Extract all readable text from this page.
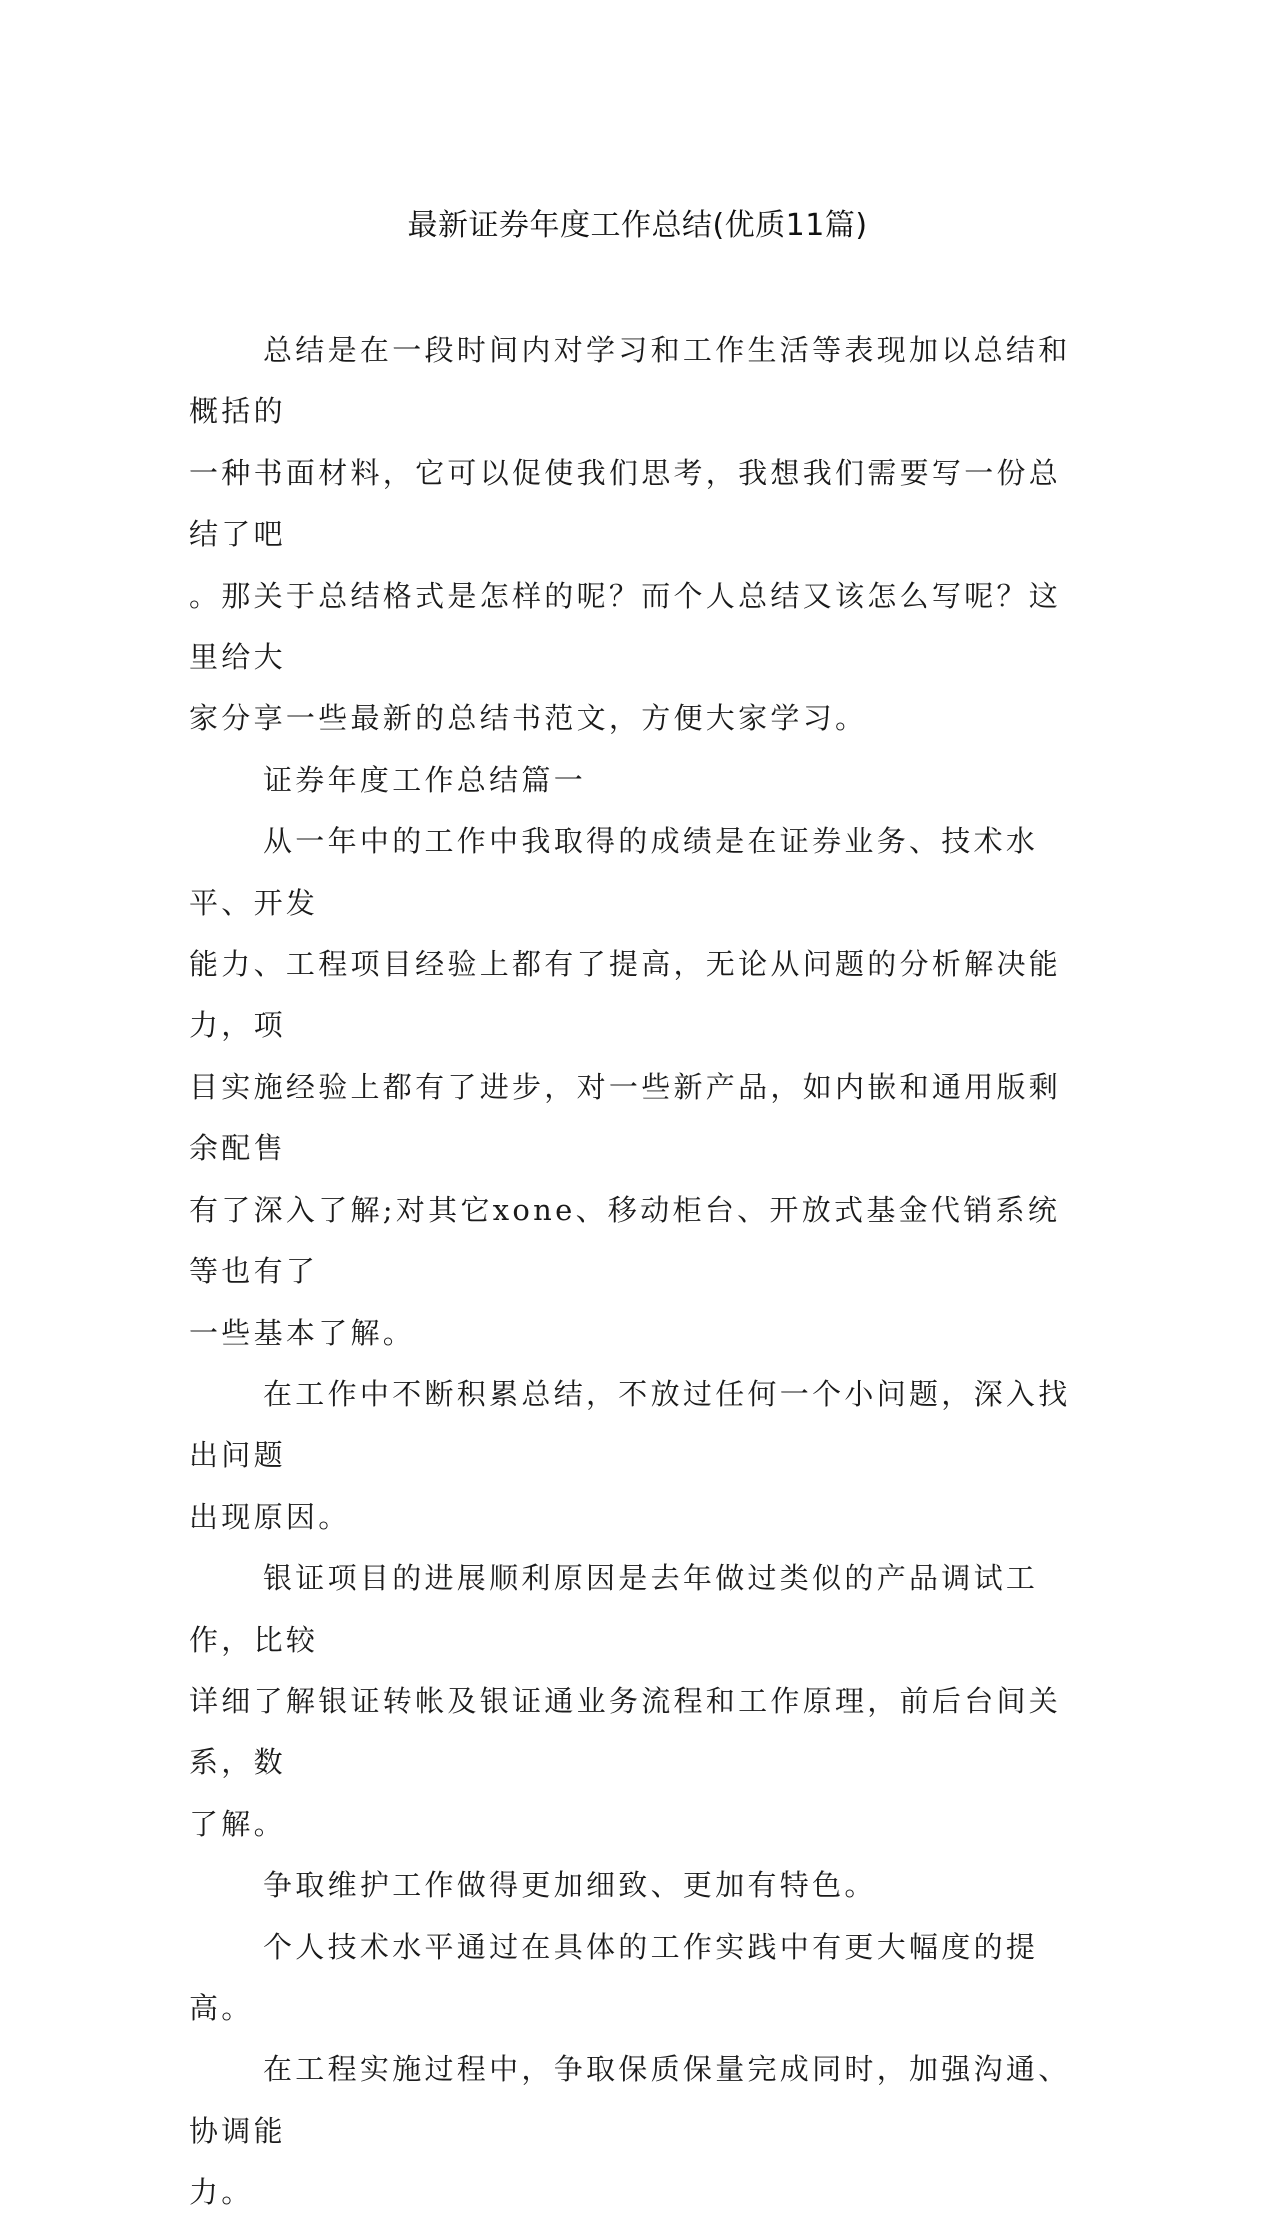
最新证券年度工作总结(优质11篇)

总结是在一段时间内对学习和工作生活等表现加以总结和概括的
一种书面材料，它可以促使我们思考，我想我们需要写一份总结了吧
。那关于总结格式是怎样的呢？而个人总结又该怎么写呢？这里给大
家分享一些最新的总结书范文，方便大家学习。

证券年度工作总结篇一

从一年中的工作中我取得的成绩是在证券业务、技术水平、开发
能力、工程项目经验上都有了提高，无论从问题的分析解决能力，项
目实施经验上都有了进步，对一些新产品，如内嵌和通用版剩余配售
有了深入了解;对其它xone、移动柜台、开放式基金代销系统等也有了
一些基本了解。

在工作中不断积累总结，不放过任何一个小问题，深入找出问题
出现原因。

银证项目的进展顺利原因是去年做过类似的产品调试工作，比较
详细了解银证转帐及银证通业务流程和工作原理，前后台间关系，数
了解。

争取维护工作做得更加细致、更加有特色。

个人技术水平通过在具体的工作实践中有更大幅度的提高。

在工程实施过程中，争取保质保量完成同时，加强沟通、协调能
力。
